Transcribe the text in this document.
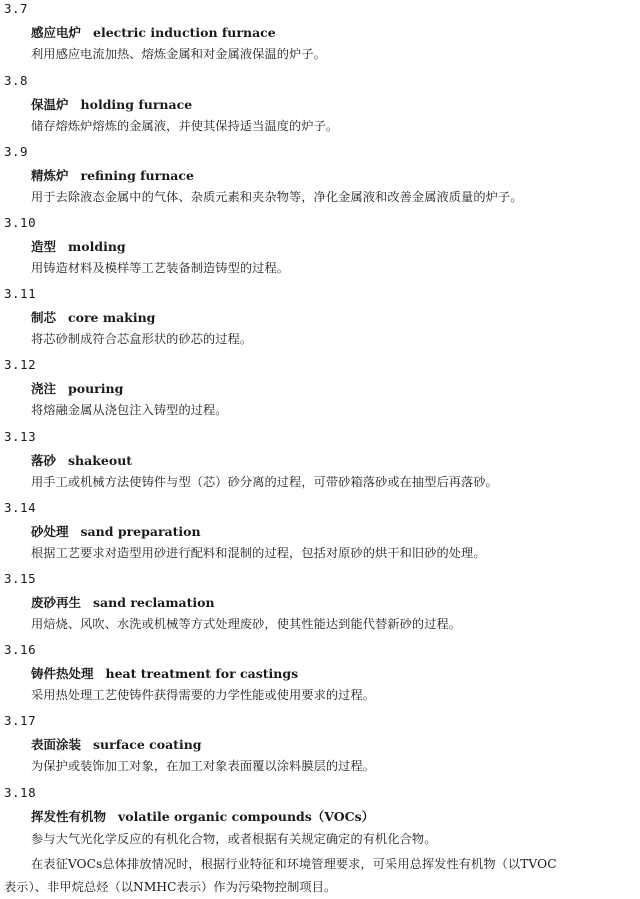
3.7
感应电炉 electric induction furnace
利用感应电流加热、熔炼金属和对金属液保温的炉子。
3.8
保温炉 holding furnace
储存熔炼炉熔炼的金属液，并使其保持适当温度的炉子。
3.9
精炼炉 refining furnace
用于去除液态金属中的气体、杂质元素和夹杂物等，净化金属液和改善金属液质量的炉子。
3.10
造型 molding
用铸造材料及模样等工艺装备制造铸型的过程。
3.11
制芯 core making
将芯砂制成符合芯盒形状的砂芯的过程。
3.12
浇注 pouring
将熔融金属从浇包注入铸型的过程。
3.13
落砂 shakeout
用手工或机械方法使铸件与型（芯）砂分离的过程，可带砂箱落砂或在抽型后再落砂。
3.14
砂处理 sand preparation
根据工艺要求对造型用砂进行配料和混制的过程，包括对原砂的烘干和旧砂的处理。
3.15
废砂再生 sand reclamation
用焙烧、风吹、水洗或机械等方式处理废砂，使其性能达到能代替新砂的过程。
3.16
铸件热处理 heat treatment for castings
采用热处理工艺使铸件获得需要的力学性能或使用要求的过程。
3.17
表面涂装 surface coating
为保护或装饰加工对象，在加工对象表面覆以涂料膜层的过程。
3.18
挥发性有机物 volatile organic compounds（VOCs）
参与大气光化学反应的有机化合物，或者根据有关规定确定的有机化合物。
在表征VOCs总体排放情况时，根据行业特征和环境管理要求，可采用总挥发性有机物（以TVOC
表示）、非甲烷总烃（以NMHC表示）作为污染物控制项目。
